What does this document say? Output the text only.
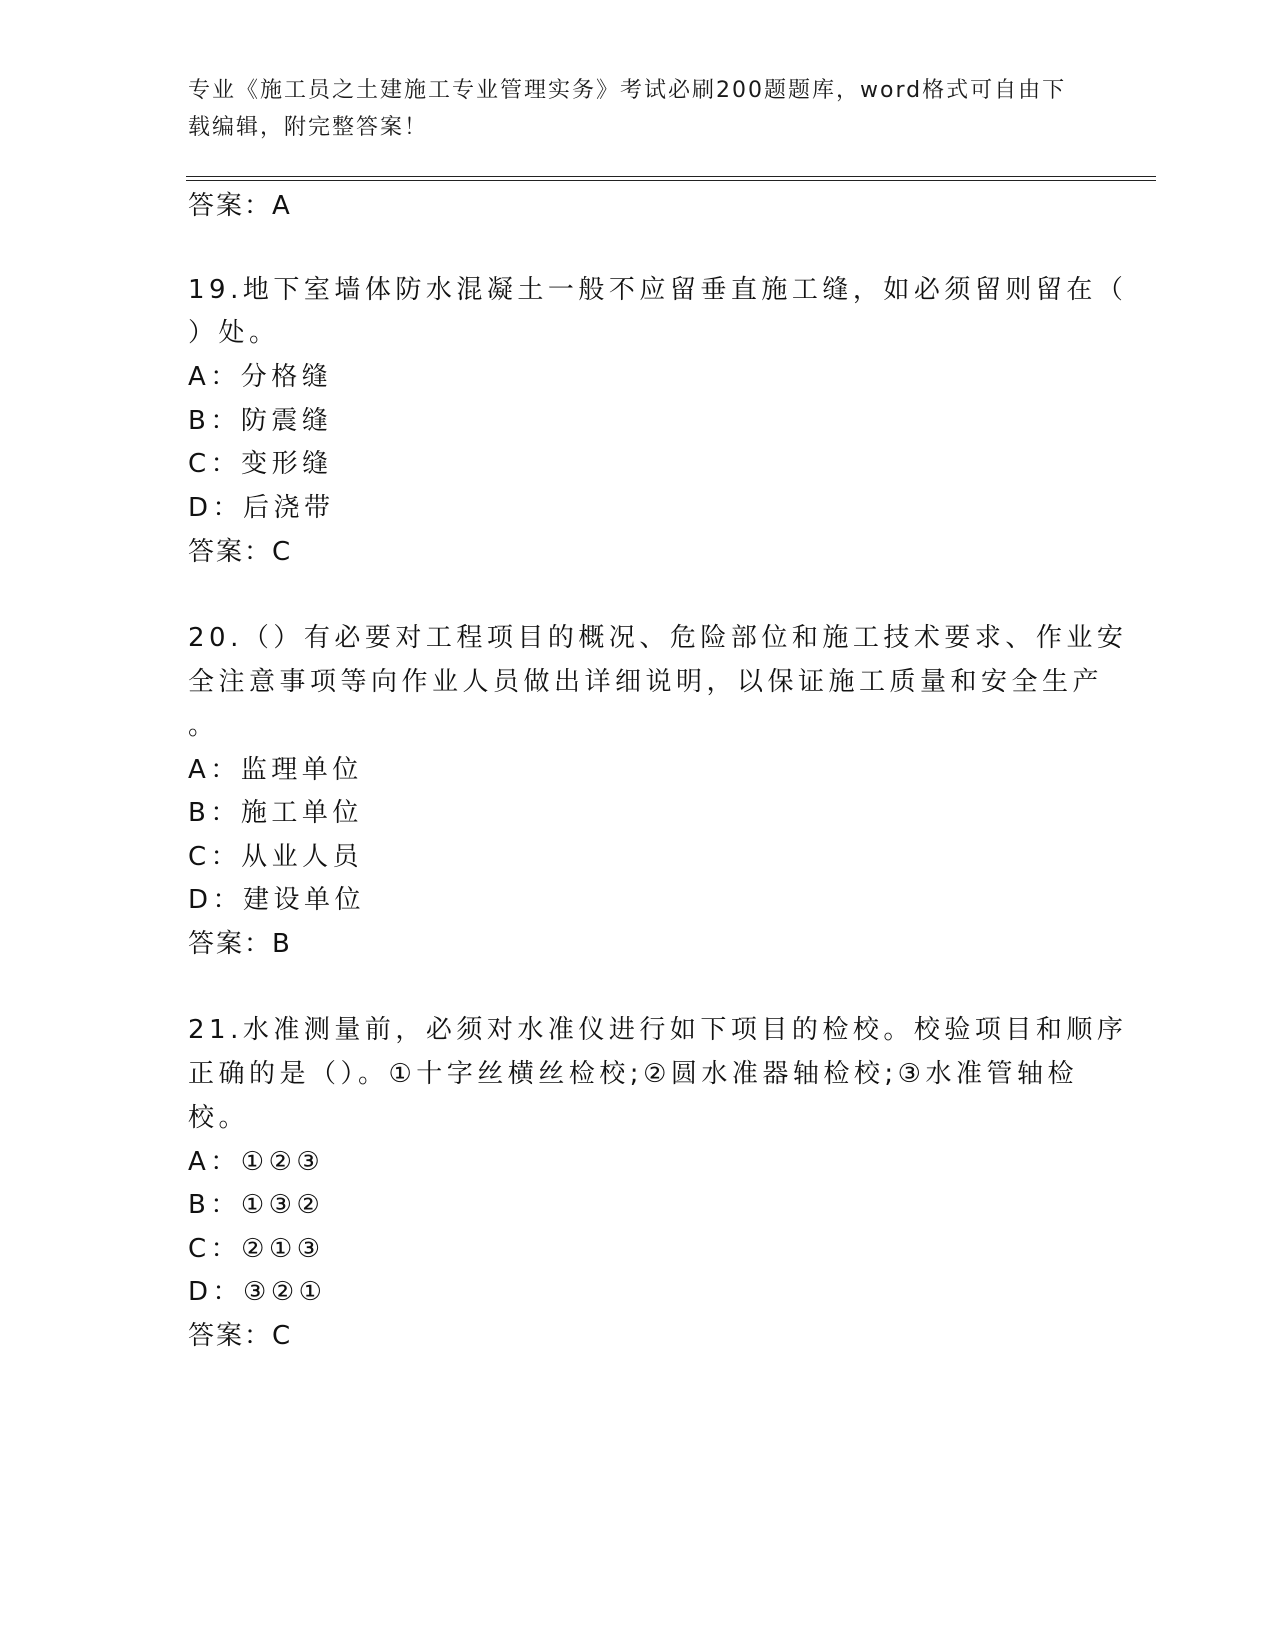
专业《施工员之土建施工专业管理实务》考试必刷200题题库，word格式可自由下载编辑，附完整答案！
答案：A
19.地下室墙体防水混凝土一般不应留垂直施工缝，如必须留则留在（
）处。
A：分格缝
B：防震缝
C：变形缝
D：后浇带
答案：C
20.（）有必要对工程项目的概况、危险部位和施工技术要求、作业安
全注意事项等向作业人员做出详细说明，以保证施工质量和安全生产
。
A：监理单位
B：施工单位
C：从业人员
D：建设单位
答案：B
21.水准测量前，必须对水准仪进行如下项目的检校。校验项目和顺序
正确的是（）。①十字丝横丝检校;②圆水准器轴检校;③水准管轴检
校。
A：①②③
B：①③②
C：②①③
D：③②①
答案：C
